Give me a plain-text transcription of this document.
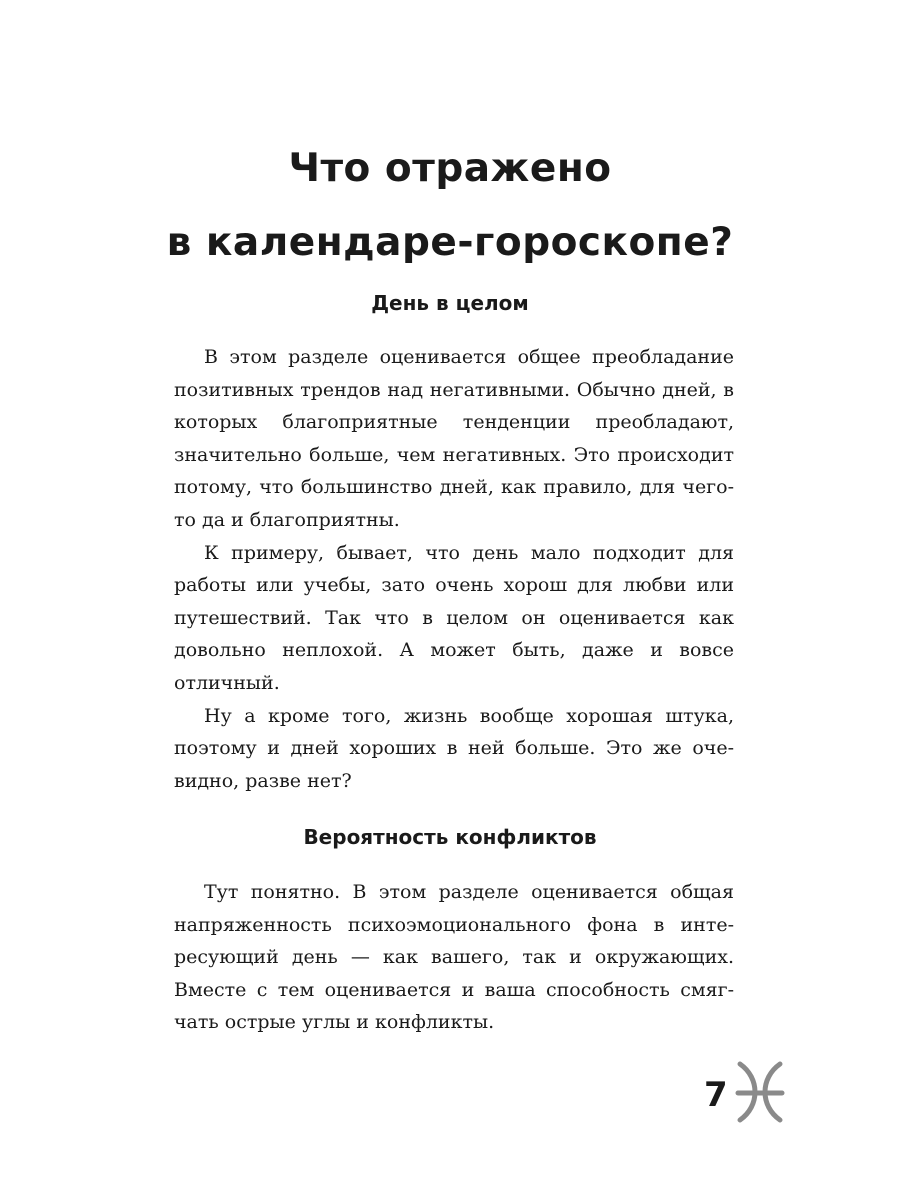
Что отражено
в календаре-гороскопе?
День в целом

В этом разделе оценивается общее преобладание позитивных трендов над негативными. Обычно дней, в которых благоприятные тенденции преобладают, значительно больше, чем негативных. Это происходит потому, что большинство дней, как правило, для чего-то да и благоприятны.

К примеру, бывает, что день мало подходит для работы или учебы, зато очень хорош для любви или путешествий. Так что в целом он оценивается как довольно неплохой. А может быть, даже и вовсе отличный.

Ну а кроме того, жизнь вообще хорошая штука, поэтому и дней хороших в ней больше. Это же очевидно, разве нет?

Вероятность конфликтов

Тут понятно. В этом разделе оценивается общая напряженность психоэмоционального фона в интересующий день — как вашего, так и окружающих. Вместе с тем оценивается и ваша способность смягчать острые углы и конфликты.

7
